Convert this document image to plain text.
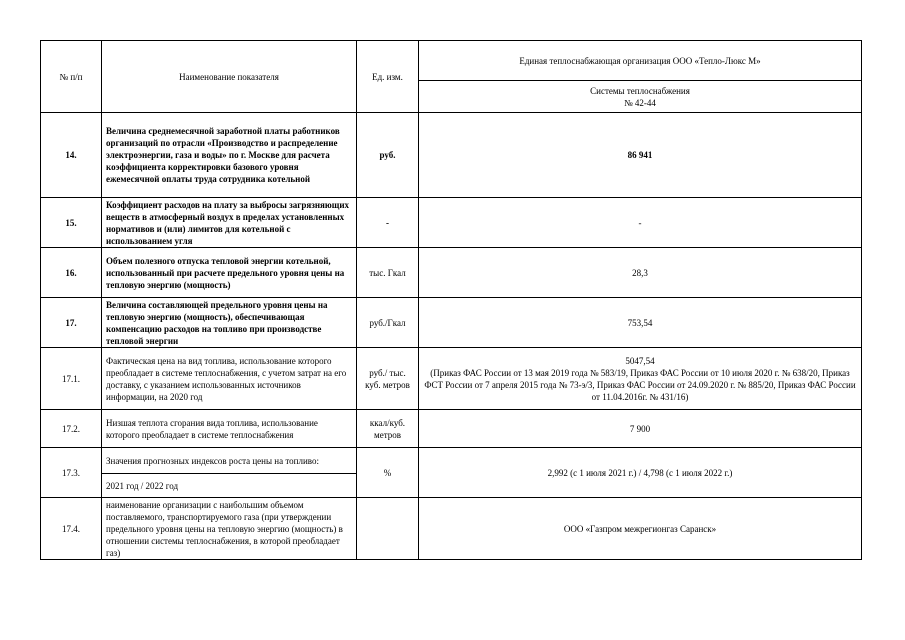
№ п/п	Наименование показателя	Ед. изм.	Единая теплоснабжающая организация ООО «Тепло-Люкс М»
			Системы теплоснабжения
№ 42-44
14.	Величина среднемесячной заработной платы работников организаций по отрасли «Производство и распределение электроэнергии, газа и воды» по г. Москве для расчета коэффициента корректировки базового уровня ежемесячной оплаты труда сотрудника котельной	руб.	86 941
15.	Коэффициент расходов на плату за выбросы загрязняющих веществ в атмосферный воздух в пределах установленных нормативов и (или) лимитов для котельной с использованием угля	-	-
16.	Объем полезного отпуска тепловой энергии котельной, использованный при расчете предельного уровня цены на тепловую энергию (мощность)	тыс. Гкал	28,3
17.	Величина составляющей предельного уровня цены на тепловую энергию (мощность), обеспечивающая компенсацию расходов на топливо при производстве тепловой энергии	руб./Гкал	753,54
17.1.	Фактическая цена на вид топлива, использование которого преобладает в системе теплоснабжения, с учетом затрат на его доставку, с указанием использованных источников информации, на 2020 год	руб./ тыс. куб. метров	5047,54
(Приказ ФАС России от 13 мая 2019 года № 583/19, Приказ ФАС России от 10 июля 2020 г. № 638/20, Приказ ФСТ России от 7 апреля 2015 года № 73-э/3, Приказ ФАС России от 24.09.2020 г. № 885/20, Приказ ФАС России от 11.04.2016г. № 431/16)
17.2.	Низшая теплота сгорания вида топлива, использование которого преобладает в системе теплоснабжения	ккал/куб. метров	7 900
17.3.	Значения прогнозных индексов роста цены на топливо:	%	2,992 (с 1 июля 2021 г.) / 4,798 (с 1 июля 2022 г.)
	2021 год / 2022 год		
17.4.	наименование организации с наибольшим объемом поставляемого, транспортируемого газа (при утверждении предельного уровня цены на тепловую энергию (мощность) в отношении системы теплоснабжения, в которой преобладает газ)		ООО «Газпром межрегионгаз Саранск»
